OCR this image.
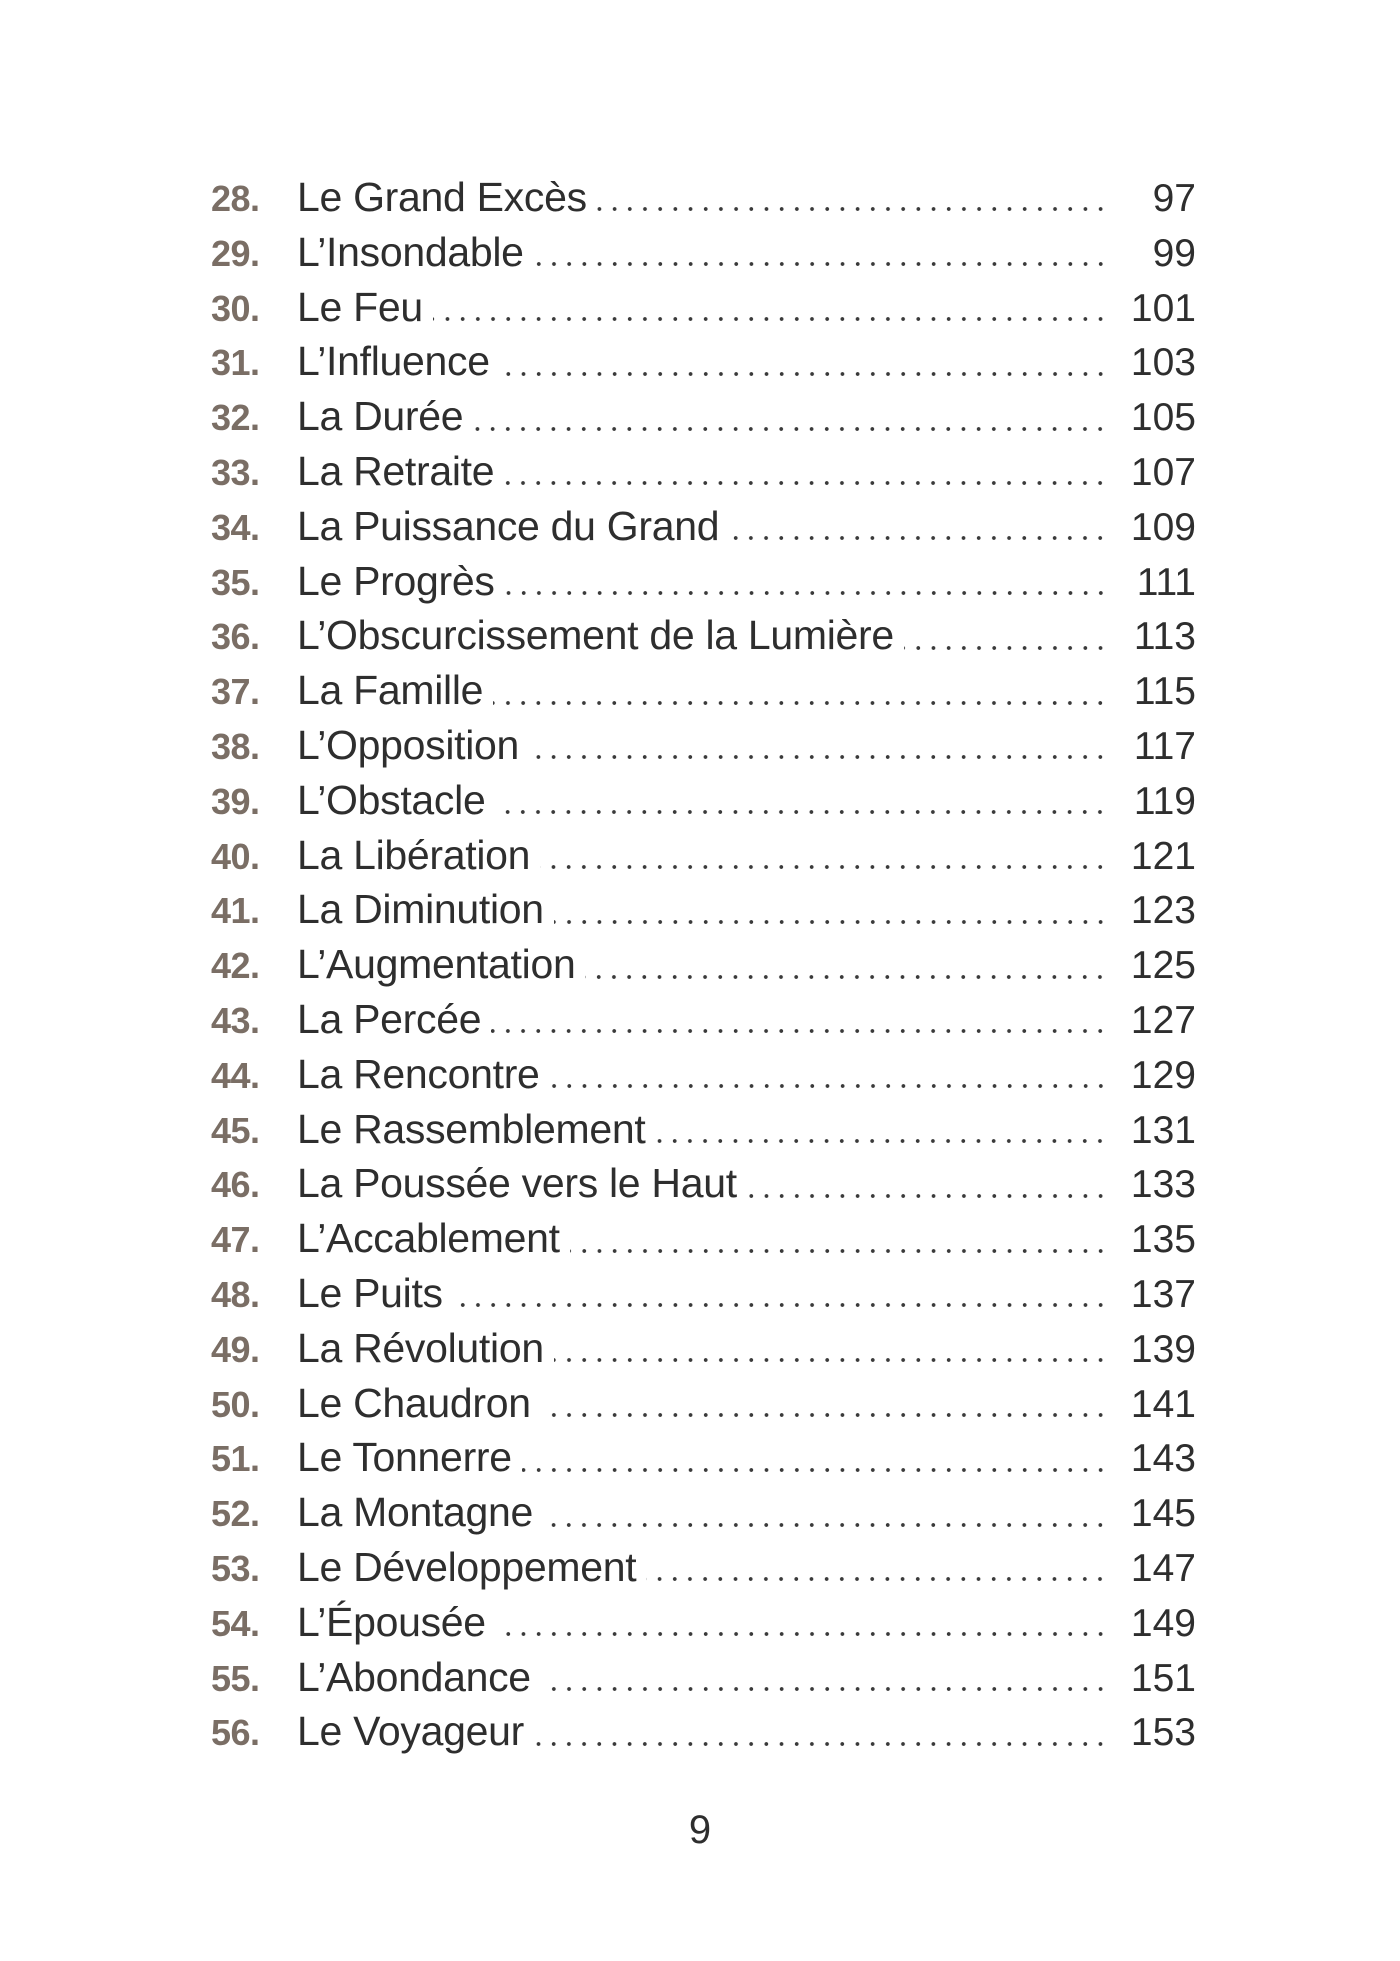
28. Le Grand Excès	97
29. L’Insondable	99
30. Le Feu	101
31. L’Influence	103
32. La Durée	105
33. La Retraite	107
34. La Puissance du Grand	109
35. Le Progrès	111
36. L’Obscurcissement de la Lumière	113
37. La Famille	115
38. L’Opposition	117
39. L’Obstacle	119
40. La Libération	121
41. La Diminution	123
42. L’Augmentation	125
43. La Percée	127
44. La Rencontre	129
45. Le Rassemblement	131
46. La Poussée vers le Haut	133
47. L’Accablement	135
48. Le Puits	137
49. La Révolution	139
50. Le Chaudron	141
51. Le Tonnerre	143
52. La Montagne	145
53. Le Développement	147
54. L’Épousée	149
55. L’Abondance	151
56. Le Voyageur	153
9
